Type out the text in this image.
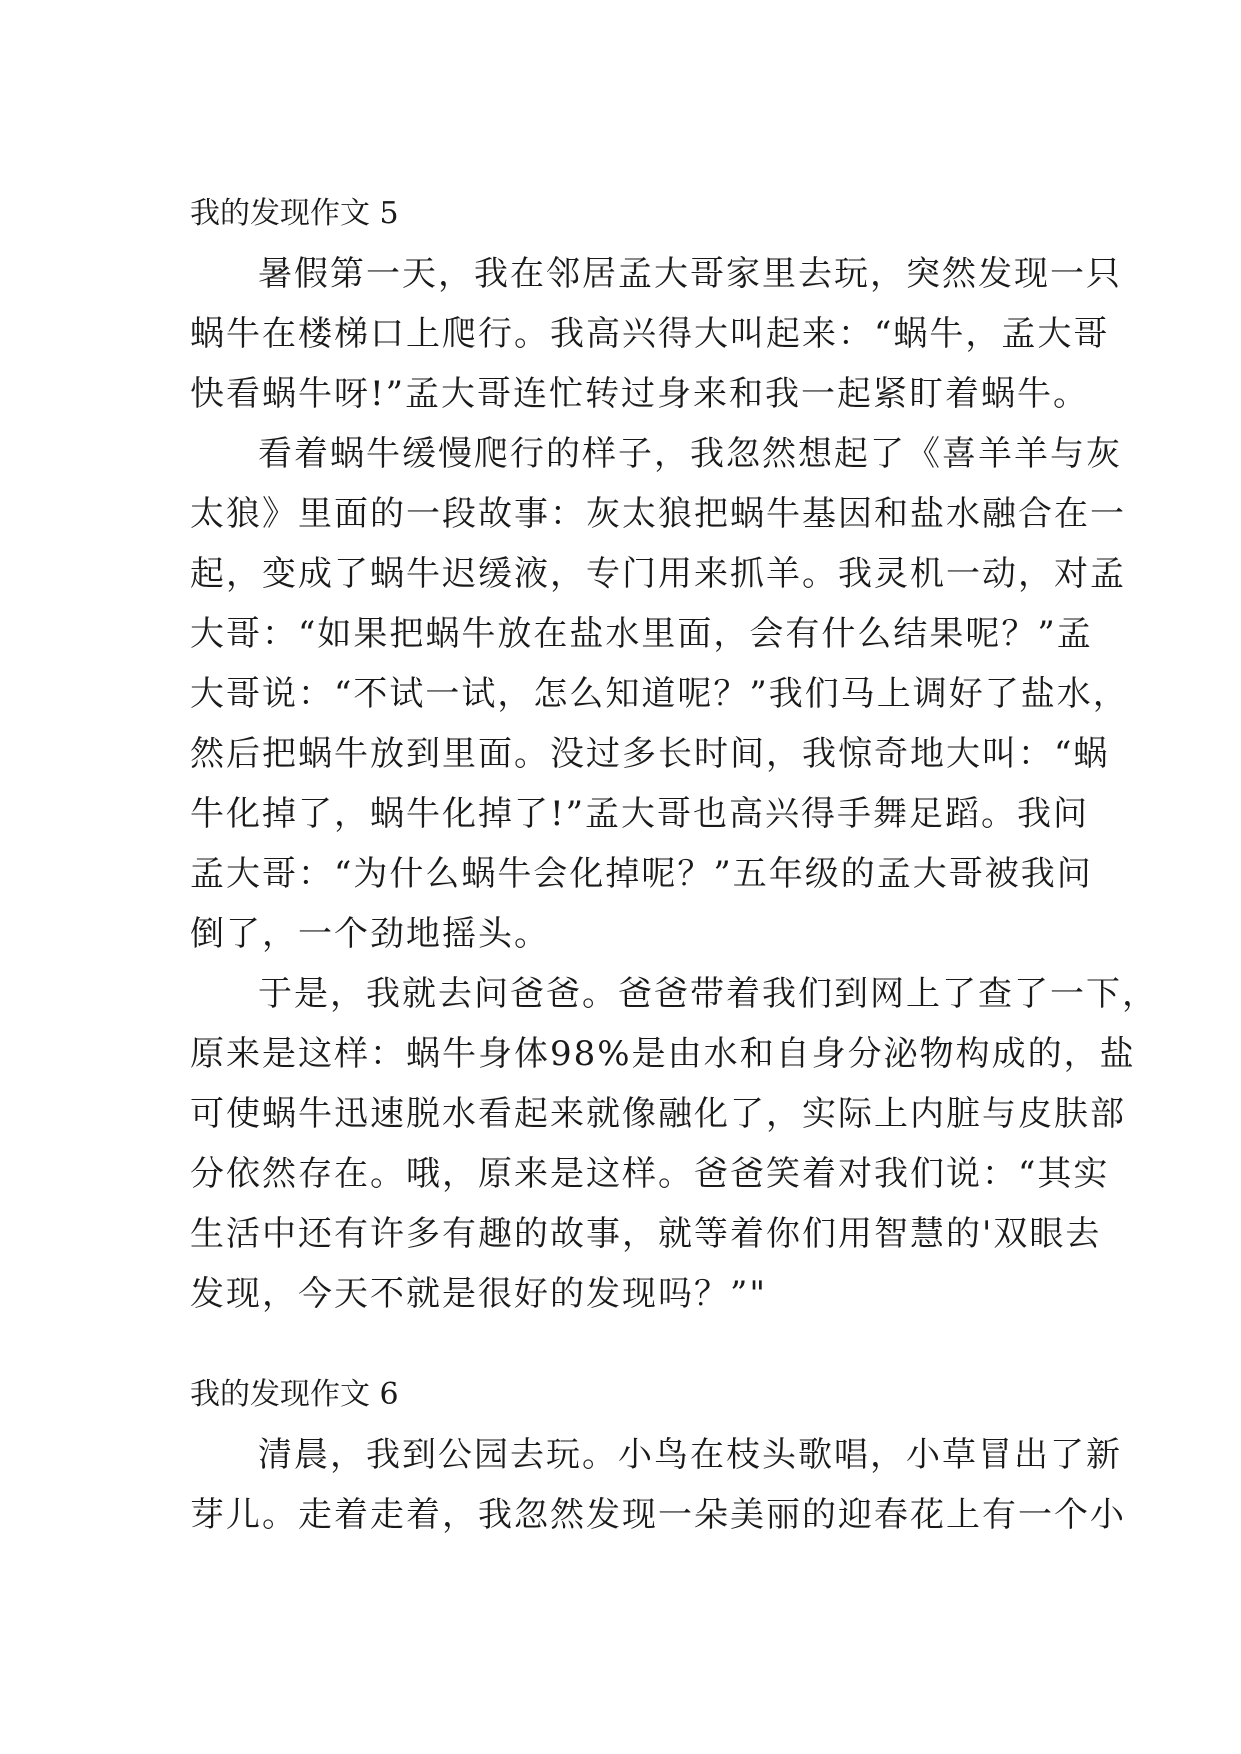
我的发现作文 5

暑假第一天，我在邻居孟大哥家里去玩，突然发现一只
蜗牛在楼梯口上爬行。我高兴得大叫起来：“蜗牛，孟大哥
快看蜗牛呀!”孟大哥连忙转过身来和我一起紧盯着蜗牛。

看着蜗牛缓慢爬行的样子，我忽然想起了《喜羊羊与灰
太狼》里面的一段故事：灰太狼把蜗牛基因和盐水融合在一
起，变成了蜗牛迟缓液，专门用来抓羊。我灵机一动，对孟
大哥：“如果把蜗牛放在盐水里面，会有什么结果呢？”孟
大哥说：“不试一试，怎么知道呢？”我们马上调好了盐水，
然后把蜗牛放到里面。没过多长时间，我惊奇地大叫：“蜗
牛化掉了，蜗牛化掉了!”孟大哥也高兴得手舞足蹈。我问
孟大哥：“为什么蜗牛会化掉呢？”五年级的孟大哥被我问
倒了，一个劲地摇头。

于是，我就去问爸爸。爸爸带着我们到网上了查了一下，
原来是这样：蜗牛身体98%是由水和自身分泌物构成的，盐
可使蜗牛迅速脱水看起来就像融化了，实际上内脏与皮肤部
分依然存在。哦，原来是这样。爸爸笑着对我们说：“其实
生活中还有许多有趣的故事，就等着你们用智慧的'双眼去
发现，今天不就是很好的发现吗？”"

我的发现作文 6

清晨，我到公园去玩。小鸟在枝头歌唱，小草冒出了新
芽儿。走着走着，我忽然发现一朵美丽的迎春花上有一个小
